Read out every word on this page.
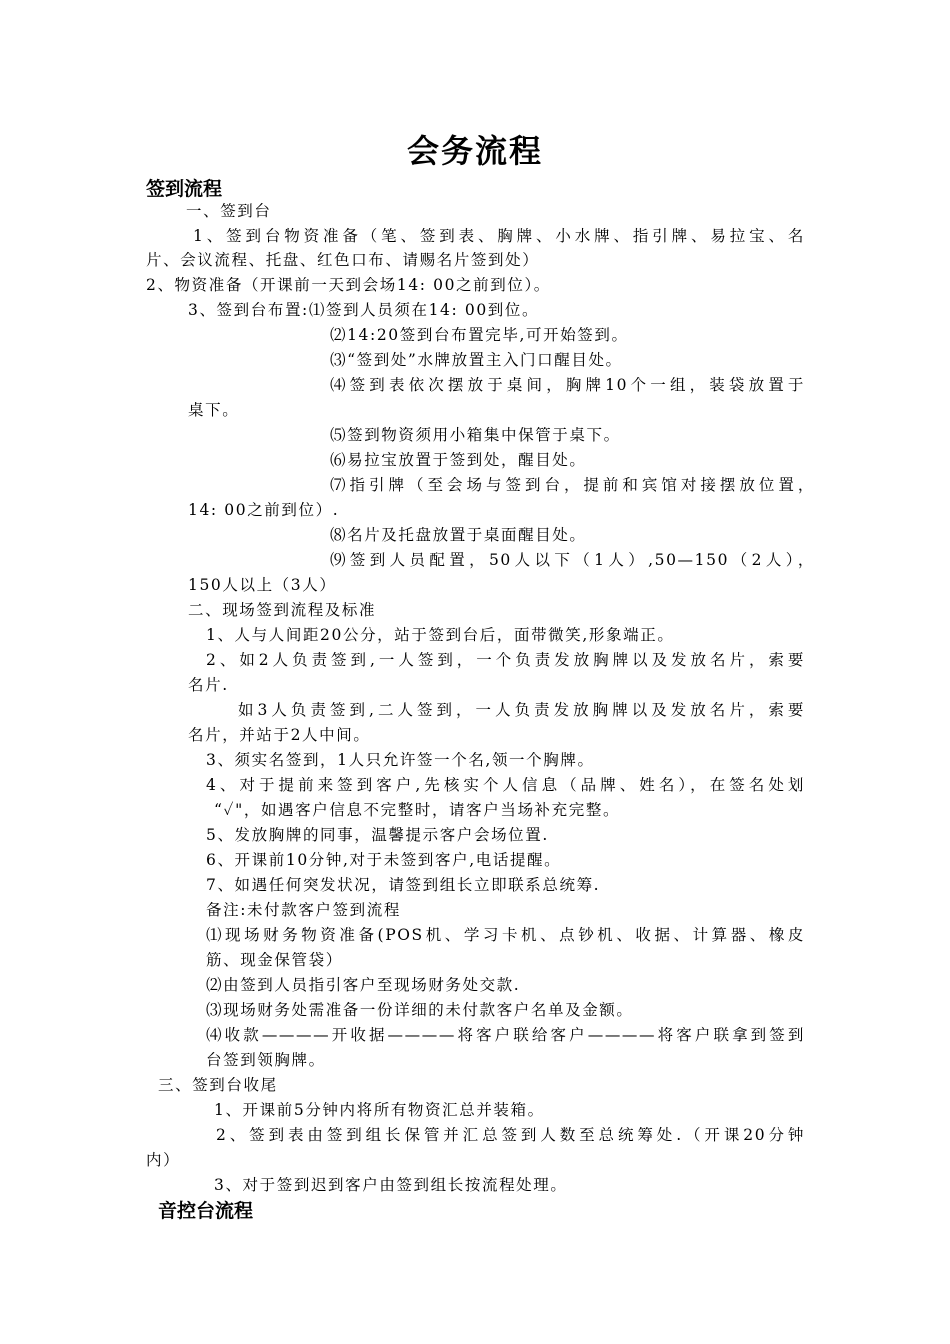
会务流程
签到流程
一、签到台
1、签到台物资准备（笔、签到表、胸牌、小水牌、指引牌、易拉宝、名
片、会议流程、托盘、红色口布、请赐名片签到处）
2、物资准备（开课前一天到会场14: 00之前到位）。
3、签到台布置:⑴签到人员须在14: 00到位。
⑵14:20签到台布置完毕,可开始签到。
⑶“签到处”水牌放置主入门口醒目处。
⑷签到表依次摆放于桌间，胸牌10个一组，装袋放置于
桌下。
⑸签到物资须用小箱集中保管于桌下。
⑹易拉宝放置于签到处，醒目处。
⑺指引牌（至会场与签到台，提前和宾馆对接摆放位置，
14: 00之前到位）.
⑻名片及托盘放置于桌面醒目处。
⑼签到人员配置，50人以下（1人）,50—150（2人），
150人以上（3人）
二、现场签到流程及标准
1、人与人间距20公分，站于签到台后，面带微笑,形象端正。
2、如2人负责签到,一人签到，一个负责发放胸牌以及发放名片，索要
名片.
如3人负责签到,二人签到，一人负责发放胸牌以及发放名片，索要
名片，并站于2人中间。
3、须实名签到，1人只允许签一个名,领一个胸牌。
4、对于提前来签到客户,先核实个人信息（品牌、姓名），在签名处划
“✓"，如遇客户信息不完整时，请客户当场补充完整。
5、发放胸牌的同事，温馨提示客户会场位置.
6、开课前10分钟,对于未签到客户,电话提醒。
7、如遇任何突发状况，请签到组长立即联系总统筹.
备注:未付款客户签到流程
⑴现场财务物资准备(POS机、学习卡机、点钞机、收据、计算器、橡皮
筋、现金保管袋）
⑵由签到人员指引客户至现场财务处交款.
⑶现场财务处需准备一份详细的未付款客户名单及金额。
⑷收款————开收据————将客户联给客户————将客户联拿到签到
台签到领胸牌。
三、签到台收尾
1、开课前5分钟内将所有物资汇总并装箱。
2、签到表由签到组长保管并汇总签到人数至总统筹处.（开课20分钟
内）
3、对于签到迟到客户由签到组长按流程处理。
音控台流程
